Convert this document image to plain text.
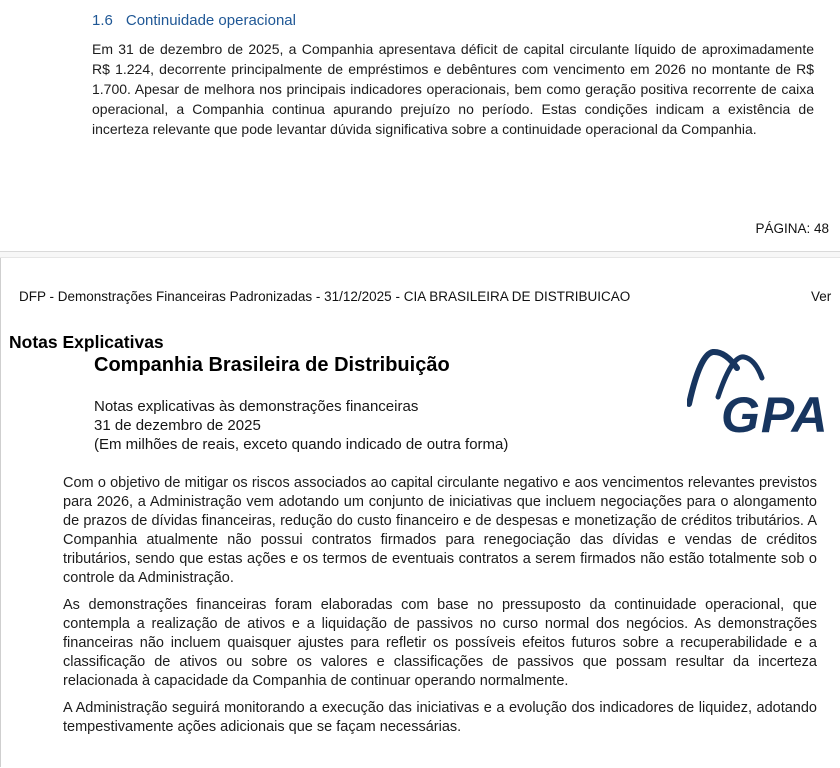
1.6 Continuidade operacional
Em 31 de dezembro de 2025, a Companhia apresentava déficit de capital circulante líquido de aproximadamente R$ 1.224, decorrente principalmente de empréstimos e debêntures com vencimento em 2026 no montante de R$ 1.700. Apesar de melhora nos principais indicadores operacionais, bem como geração positiva recorrente de caixa operacional, a Companhia continua apurando prejuízo no período. Estas condições indicam a existência de incerteza relevante que pode levantar dúvida significativa sobre a continuidade operacional da Companhia.
PÁGINA: 48
DFP - Demonstrações Financeiras Padronizadas - 31/12/2025 - CIA BRASILEIRA DE DISTRIBUICAO	Ver
Notas Explicativas
Companhia Brasileira de Distribuição
GPA
Notas explicativas às demonstrações financeiras
31 de dezembro de 2025
(Em milhões de reais, exceto quando indicado de outra forma)
Com o objetivo de mitigar os riscos associados ao capital circulante negativo e aos vencimentos relevantes previstos para 2026, a Administração vem adotando um conjunto de iniciativas que incluem negociações para o alongamento de prazos de dívidas financeiras, redução do custo financeiro e de despesas e monetização de créditos tributários. A Companhia atualmente não possui contratos firmados para renegociação das dívidas e vendas de créditos tributários, sendo que estas ações e os termos de eventuais contratos a serem firmados não estão totalmente sob o controle da Administração.
As demonstrações financeiras foram elaboradas com base no pressuposto da continuidade operacional, que contempla a realização de ativos e a liquidação de passivos no curso normal dos negócios. As demonstrações financeiras não incluem quaisquer ajustes para refletir os possíveis efeitos futuros sobre a recuperabilidade e a classificação de ativos ou sobre os valores e classificações de passivos que possam resultar da incerteza relacionada à capacidade da Companhia de continuar operando normalmente.
A Administração seguirá monitorando a execução das iniciativas e a evolução dos indicadores de liquidez, adotando tempestivamente ações adicionais que se façam necessárias.
